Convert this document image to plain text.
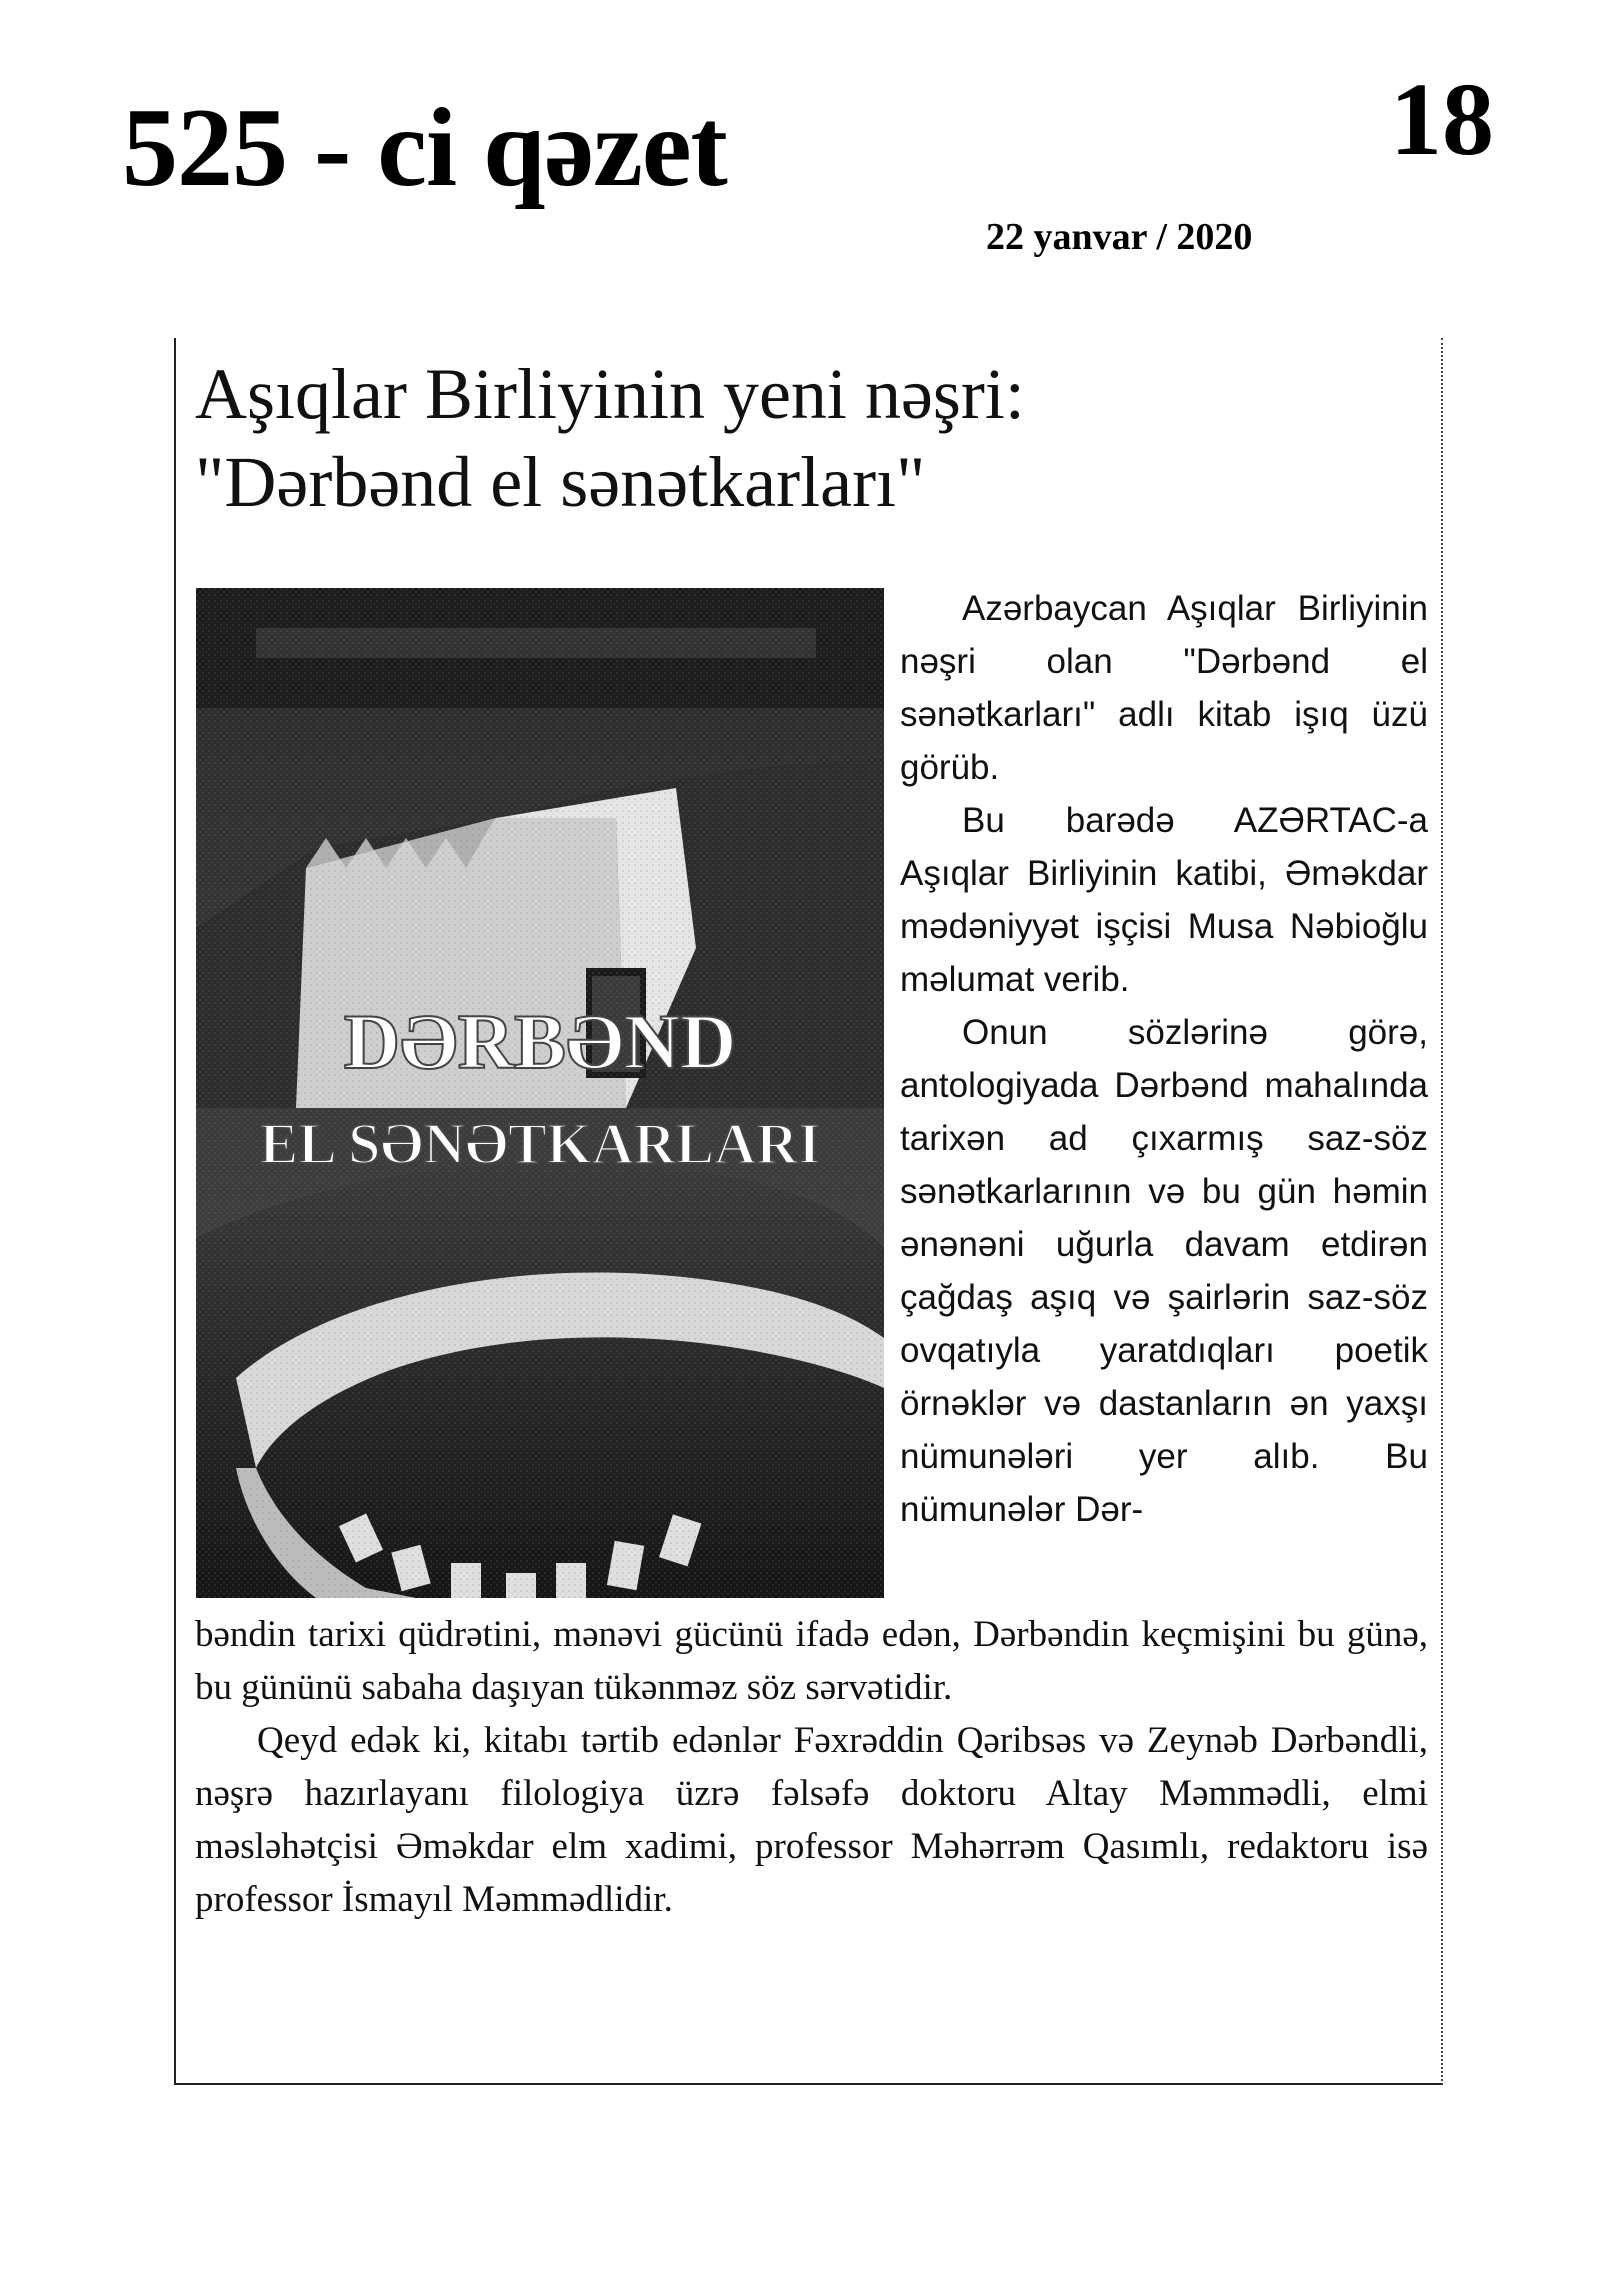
525 - ci qəzet	18
22 yanvar / 2020
Aşıqlar Birliyinin yeni nəşri:
"Dərbənd el sənətkarları"
DƏRBƏND
EL SƏNƏTKARLARI

Azərbaycan Aşıqlar Birliyinin nəşri olan "Dərbənd el sənətkarları" adlı kitab işıq üzü görüb.

Bu barədə AZƏRTAC-a Aşıqlar Birliyinin katibi, Əməkdar mədəniyyət işçisi Musa Nəbioğlu məlumat verib.

Onun sözlərinə görə, antologiyada Dərbənd mahalında tarixən ad çıxarmış saz-söz sənətkarlarının və bu gün həmin ənənəni uğurla davam etdirən çağdaş aşıq və şairlərin saz-söz ovqatıyla yaratdıqları poetik örnəklər və dastanların ən yaxşı nümunələri yer alıb. Bu nümunələr Dər-

bəndin tarixi qüdrətini, mənəvi gücünü ifadə edən, Dərbəndin keçmişini bu günə, bu gününü sabaha daşıyan tükənməz söz sərvətidir.

Qeyd edək ki, kitabı tərtib edənlər Fəxrəddin Qəribsəs və Zeynəb Dərbəndli, nəşrə hazırlayanı filologiya üzrə fəlsəfə doktoru Altay Məmmədli, elmi məsləhətçisi Əməkdar elm xadimi, professor Məhərrəm Qasımlı, redaktoru isə professor İsmayıl Məmmədlidir.
